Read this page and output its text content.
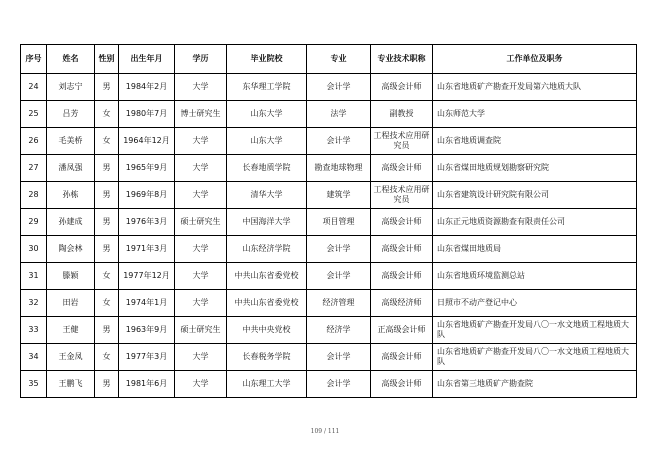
序号	姓名	性别	出生年月	学历	毕业院校	专业	专业技术职称	工作单位及职务
24	刘志宁	男	1984年2月	大学	东华理工学院	会计学	高级会计师	山东省地质矿产勘查开发局第六地质大队
25	吕芳	女	1980年7月	博士研究生	山东大学	法学	副教授	山东师范大学
26	毛美桥	女	1964年12月	大学	山东大学	会计学	工程技术应用研究员	山东省地质调查院
27	潘凤强	男	1965年9月	大学	长春地质学院	勘查地球物理	高级会计师	山东省煤田地质规划勘察研究院
28	孙栋	男	1969年8月	大学	清华大学	建筑学	工程技术应用研究员	山东省建筑设计研究院有限公司
29	孙建成	男	1976年3月	硕士研究生	中国海洋大学	项目管理	高级会计师	山东正元地质资源勘查有限责任公司
30	陶会林	男	1971年3月	大学	山东经济学院	会计学	高级会计师	山东省煤田地质局
31	滕颖	女	1977年12月	大学	中共山东省委党校	会计学	高级会计师	山东省地质环境监测总站
32	田岩	女	1974年1月	大学	中共山东省委党校	经济管理	高级经济师	日照市不动产登记中心
33	王健	男	1963年9月	硕士研究生	中共中央党校	经济学	正高级会计师	山东省地质矿产勘查开发局八〇一水文地质工程地质大队
34	王金凤	女	1977年3月	大学	长春税务学院	会计学	高级会计师	山东省地质矿产勘查开发局八〇一水文地质工程地质大队
35	王鹏飞	男	1981年6月	大学	山东理工大学	会计学	高级会计师	山东省第三地质矿产勘查院
109 / 111
